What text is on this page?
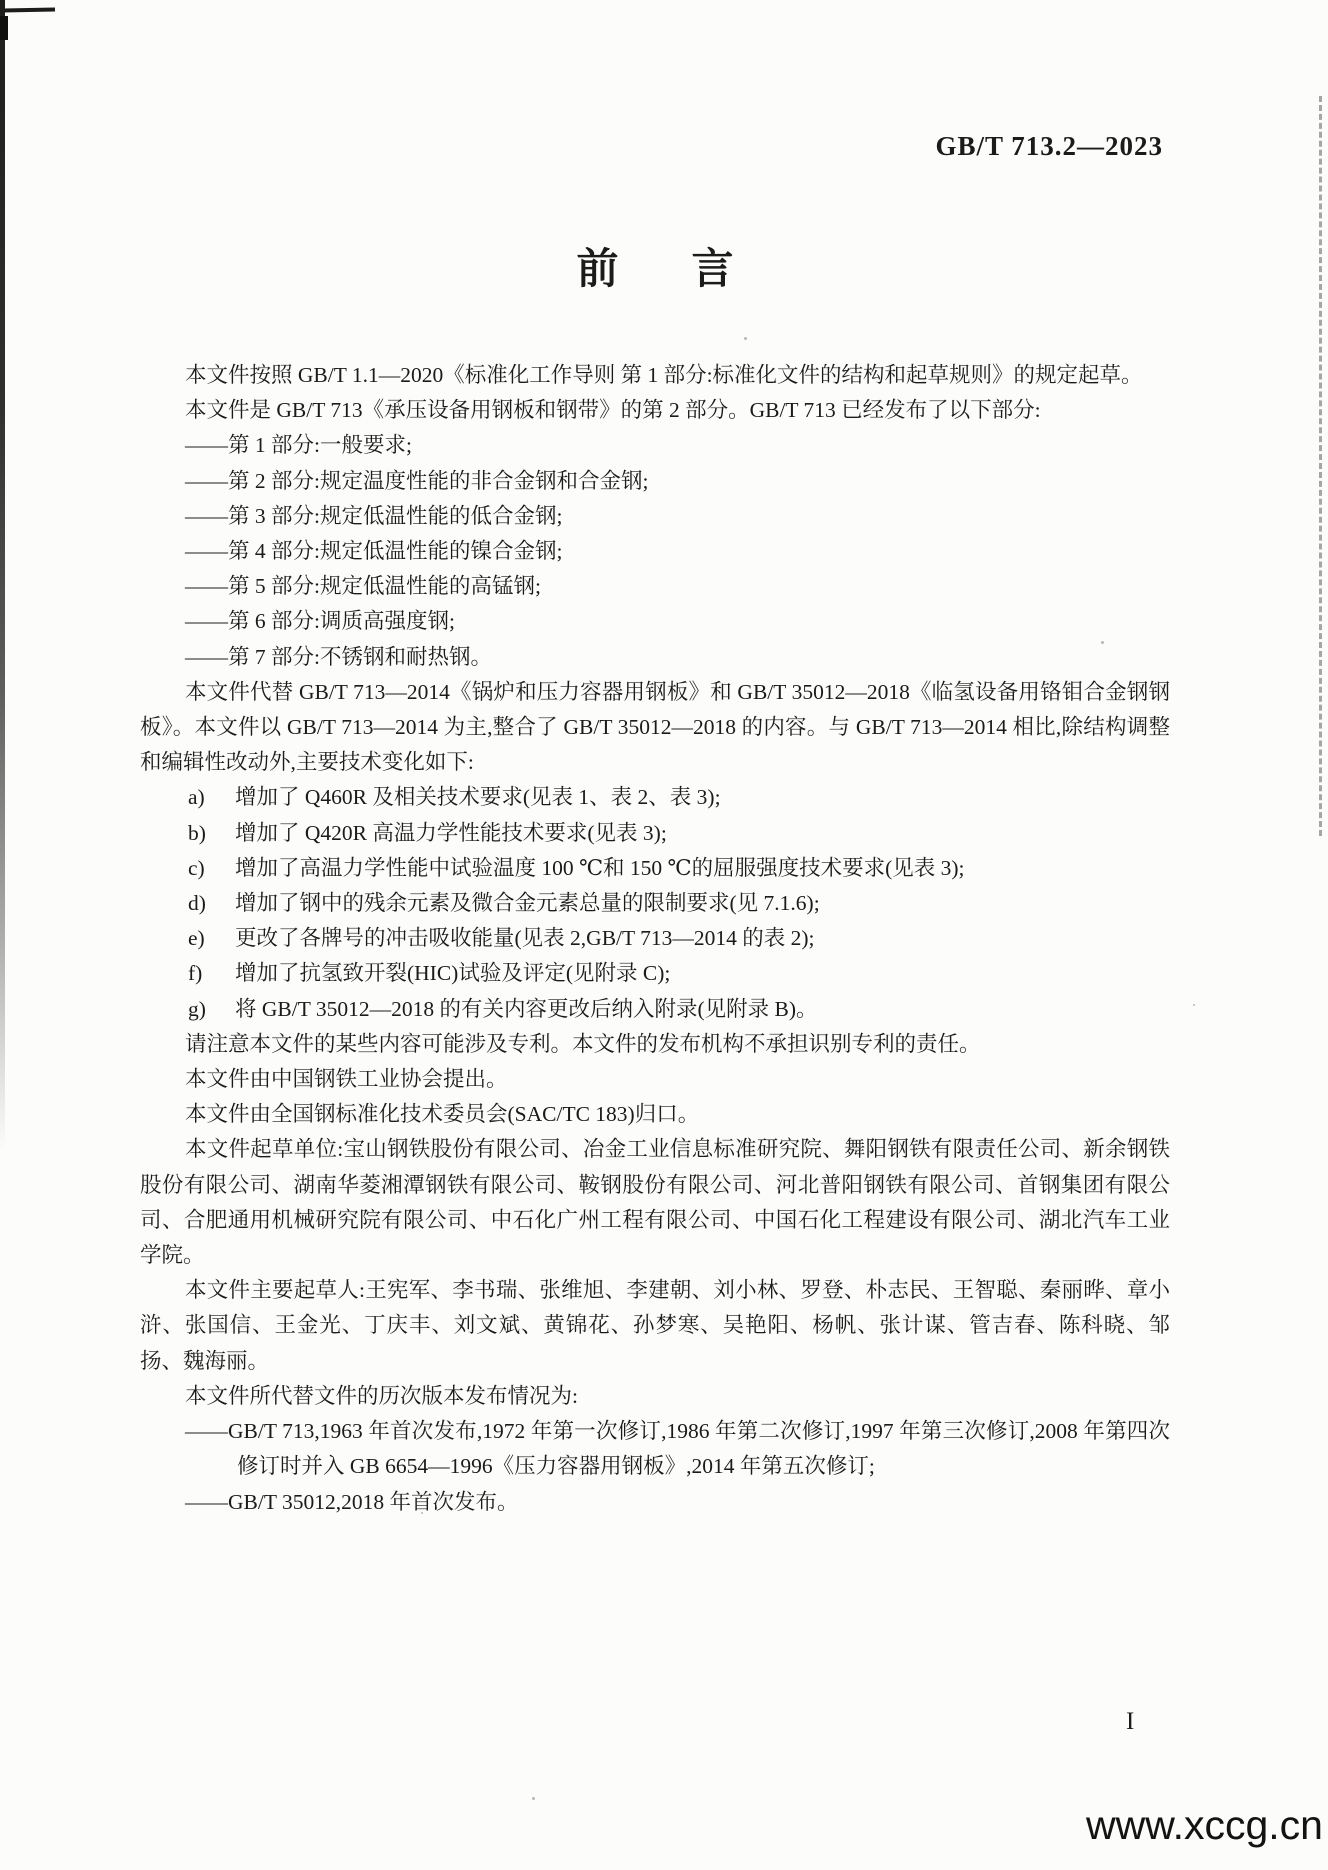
GB/T 713.2—2023
前 言

本文件按照 GB/T 1.1—2020《标准化工作导则 第 1 部分:标准化文件的结构和起草规则》的规定起草。

本文件是 GB/T 713《承压设备用钢板和钢带》的第 2 部分。GB/T 713 已经发布了以下部分:

——第 1 部分:一般要求;

——第 2 部分:规定温度性能的非合金钢和合金钢;

——第 3 部分:规定低温性能的低合金钢;

——第 4 部分:规定低温性能的镍合金钢;

——第 5 部分:规定低温性能的高锰钢;

——第 6 部分:调质高强度钢;

——第 7 部分:不锈钢和耐热钢。

本文件代替 GB/T 713—2014《锅炉和压力容器用钢板》和 GB/T 35012—2018《临氢设备用铬钼合金钢钢板》。本文件以 GB/T 713—2014 为主,整合了 GB/T 35012—2018 的内容。与 GB/T 713—2014 相比,除结构调整和编辑性改动外,主要技术变化如下:

a) 增加了 Q460R 及相关技术要求(见表 1、表 2、表 3);

b) 增加了 Q420R 高温力学性能技术要求(见表 3);

c) 增加了高温力学性能中试验温度 100 ℃和 150 ℃的屈服强度技术要求(见表 3);

d) 增加了钢中的残余元素及微合金元素总量的限制要求(见 7.1.6);

e) 更改了各牌号的冲击吸收能量(见表 2,GB/T 713—2014 的表 2);

f) 增加了抗氢致开裂(HIC)试验及评定(见附录 C);

g) 将 GB/T 35012—2018 的有关内容更改后纳入附录(见附录 B)。

请注意本文件的某些内容可能涉及专利。本文件的发布机构不承担识别专利的责任。

本文件由中国钢铁工业协会提出。

本文件由全国钢标准化技术委员会(SAC/TC 183)归口。

本文件起草单位:宝山钢铁股份有限公司、冶金工业信息标准研究院、舞阳钢铁有限责任公司、新余钢铁股份有限公司、湖南华菱湘潭钢铁有限公司、鞍钢股份有限公司、河北普阳钢铁有限公司、首钢集团有限公司、合肥通用机械研究院有限公司、中石化广州工程有限公司、中国石化工程建设有限公司、湖北汽车工业学院。

本文件主要起草人:王宪军、李书瑞、张维旭、李建朝、刘小林、罗登、朴志民、王智聪、秦丽晔、章小浒、张国信、王金光、丁庆丰、刘文斌、黄锦花、孙梦寒、吴艳阳、杨帆、张计谋、管吉春、陈科晓、邹扬、魏海丽。

本文件所代替文件的历次版本发布情况为:

——GB/T 713,1963 年首次发布,1972 年第一次修订,1986 年第二次修订,1997 年第三次修订,2008 年第四次修订时并入 GB 6654—1996《压力容器用钢板》,2014 年第五次修订;

——GB/T 35012,2018 年首次发布。

I
www.xccg.cn
